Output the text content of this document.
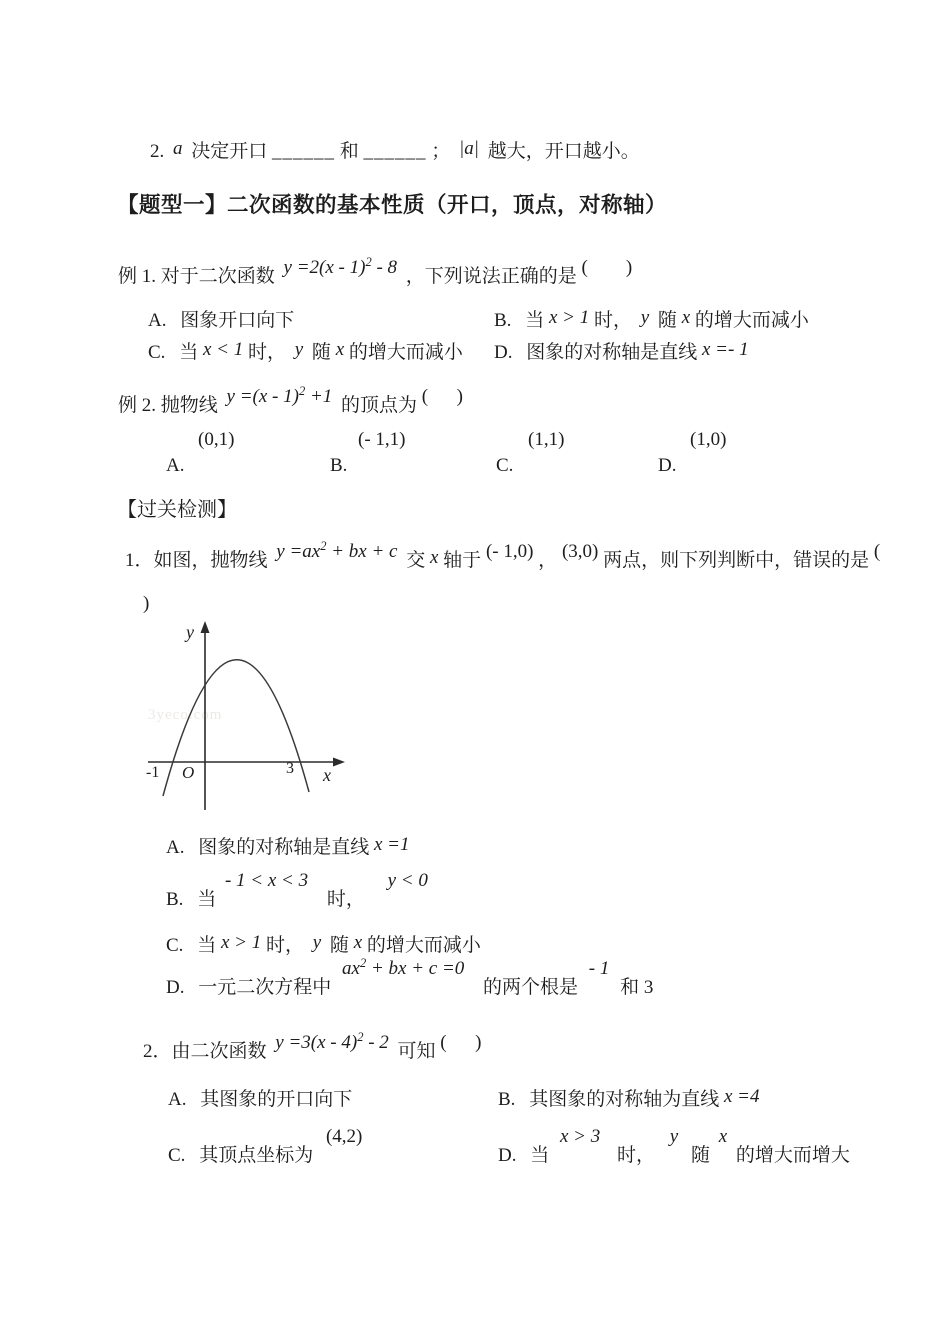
2. a 决定开口 ______ 和 ______ ； |a| 越大，开口越小。
【题型一】二次函数的基本性质（开口，顶点，对称轴）
例 1. 对于二次函数 y =2(x - 1)$^2$ - 8 ，下列说法正确的是 (        )
A. 图象开口向下	B. 当 x > 1 时， y 随 x 的增大而减小
C. 当 x < 1 时， y 随 x 的增大而减小 D. 图象的对称轴是直线 x =- 1
例 2. 抛物线 y =(x - 1)$^2$ +1 的顶点为 (      )
(0,1)	(- 1,1)	(1,1)	(1,0)
A.	B.	C.	D.
【过关检测】
1．如图，抛物线 $y =ax^2$ + bx + c 交 x 轴于 (- 1,0) ， (3,0) 两点，则下列判断中，错误的是 (
)
3yeco.com
y
x
O
-1	3
A. 图象的对称轴是直线 x =1
B. 当 - 1 < x < 3 时， y < 0
C. 当 x > 1 时， y 随 x 的增大而减小
D. 一元二次方程中 $ax^2$ + bx + c =0 的两个根是 - 1 和 3
2．由二次函数 y =3(x - 4)$^2$ - 2 可知 (      )
A. 其图象的开口向下	B. 其图象的对称轴为直线 x =4
C. 其顶点坐标为 (4,2)
D. 当 x > 3 时， y 随 x 的增大而增大
